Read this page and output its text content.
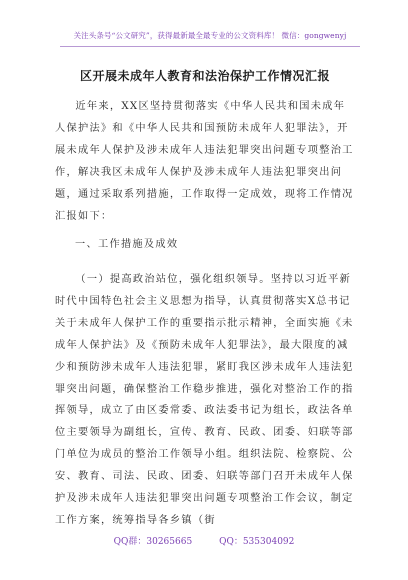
关注头条号“公文研究”，获得最新最全最专业的公文资料库！ 微信：gongwenyj
区开展未成年人教育和法治保护工作情况汇报
近年来，XX区坚持贯彻落实《中华人民共和国未成年人保护法》和《中华人民共和国预防未成年人犯罪法》，开展未成年人保护及涉未成年人违法犯罪突出问题专项整治工作，解决我区未成年人保护及涉未成年人违法犯罪突出问题，通过采取系列措施，工作取得一定成效，现将工作情况汇报如下：
一、工作措施及成效
（一）提高政治站位，强化组织领导。坚持以习近平新时代中国特色社会主义思想为指导，认真贯彻落实X总书记关于未成年人保护工作的重要指示批示精神，全面实施《未成年人保护法》及《预防未成年人犯罪法》，最大限度的减少和预防涉未成年人违法犯罪，紧盯我区涉未成年人违法犯罪突出问题，确保整治工作稳步推进，强化对整治工作的指挥领导，成立了由区委常委、政法委书记为组长，政法各单位主要领导为副组长，宣传、教育、民政、团委、妇联等部门单位为成员的整治工作领导小组。组织法院、检察院、公安、教育、司法、民政、团委、妇联等部门召开未成年人保护及涉未成年人违法犯罪突出问题专项整治工作会议，制定工作方案，统筹指导各乡镇（街
QQ群：30265665	QQ：535304092
